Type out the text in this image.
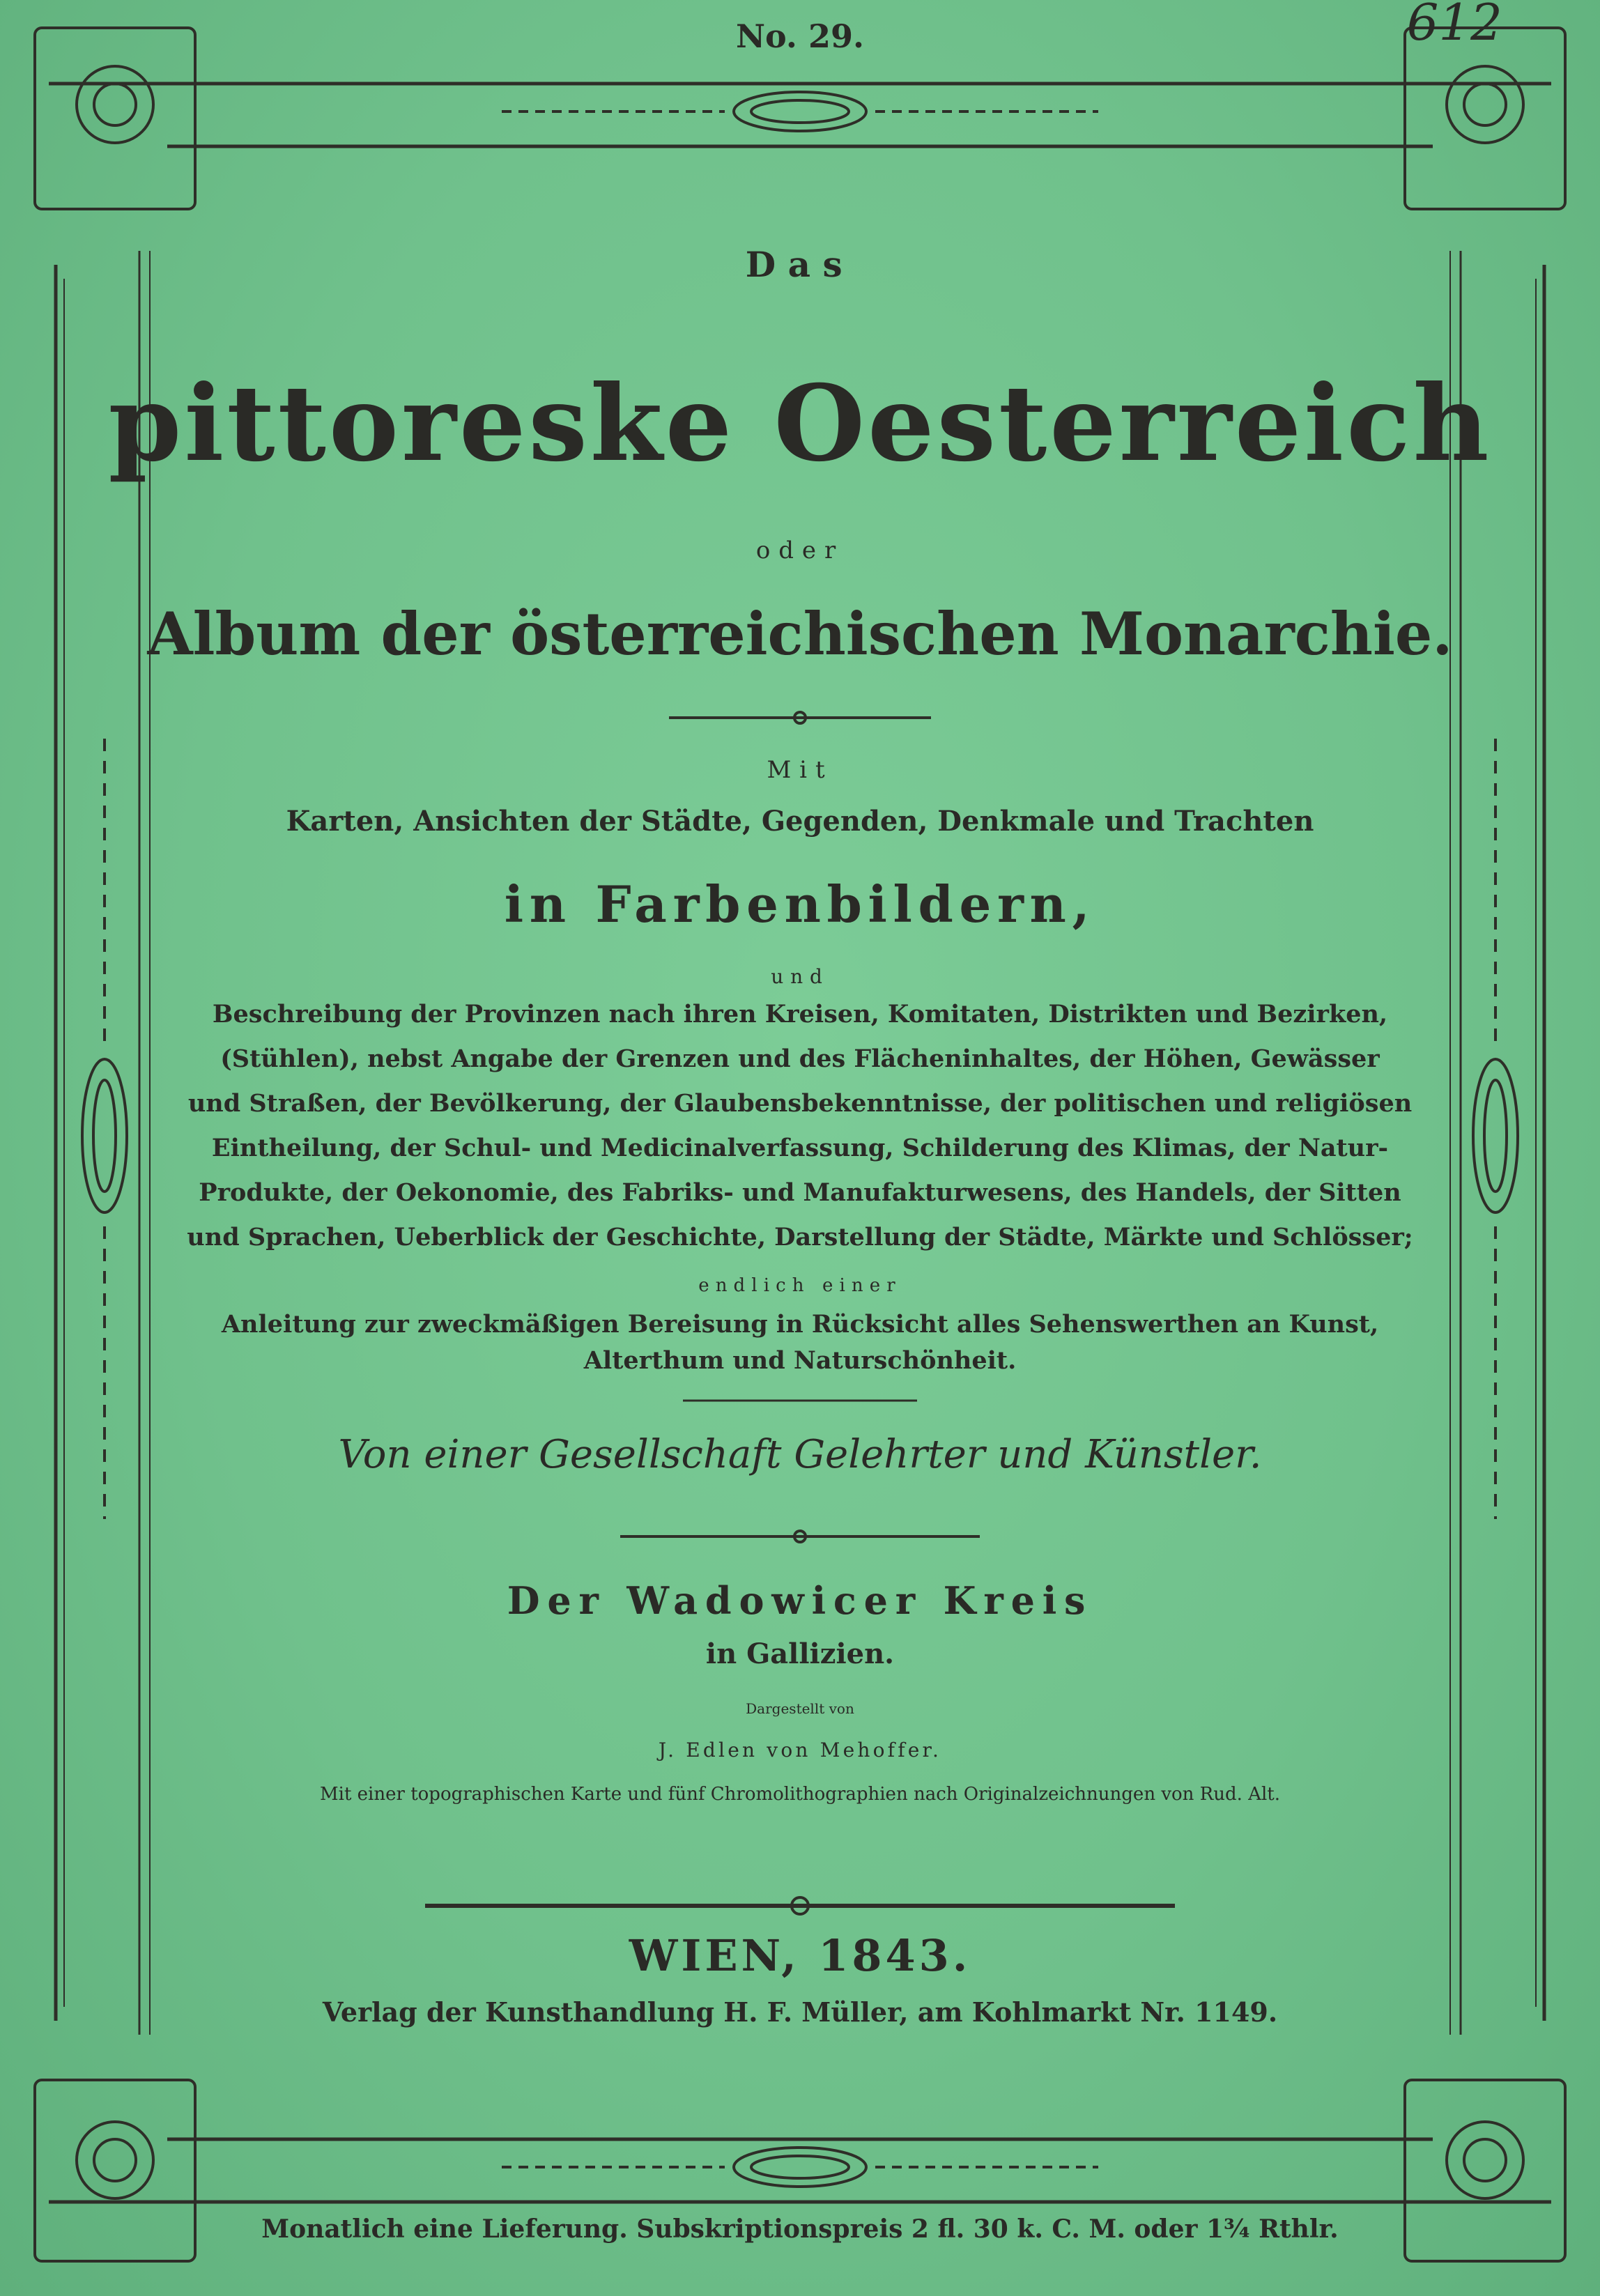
No. 29.	612
Das
pittoreske Oesterreich
oder
Album der österreichischen Monarchie.
Mit
Karten, Ansichten der Städte, Gegenden, Denkmale und Trachten
in Farbenbildern,
und
Beschreibung der Provinzen nach ihren Kreisen, Komitaten, Distrikten und Bezirken,
(Stühlen), nebst Angabe der Grenzen und des Flächeninhaltes, der Höhen, Gewässer
und Straßen, der Bevölkerung, der Glaubensbekenntnisse, der politischen und religiösen
Eintheilung, der Schul- und Medicinalverfassung, Schilderung des Klimas, der Natur-
Produkte, der Oekonomie, des Fabriks- und Manufakturwesens, des Handels, der Sitten
und Sprachen, Ueberblick der Geschichte, Darstellung der Städte, Märkte und Schlösser;
endlich einer
Anleitung zur zweckmäßigen Bereisung in Rücksicht alles Sehenswerthen an Kunst,
Alterthum und Naturschönheit.
Von einer Gesellschaft Gelehrter und Künstler.
Der Wadowicer Kreis
in Gallizien.
Dargestellt von
J. Edlen von Mehoffer.
Mit einer topographischen Karte und fünf Chromolithographien nach Originalzeichnungen von Rud. Alt.
WIEN, 1843.
Verlag der Kunsthandlung H. F. Müller, am Kohlmarkt Nr. 1149.
Monatlich eine Lieferung. Subskriptionspreis 2 fl. 30 k. C. M. oder 1¾ Rthlr.
